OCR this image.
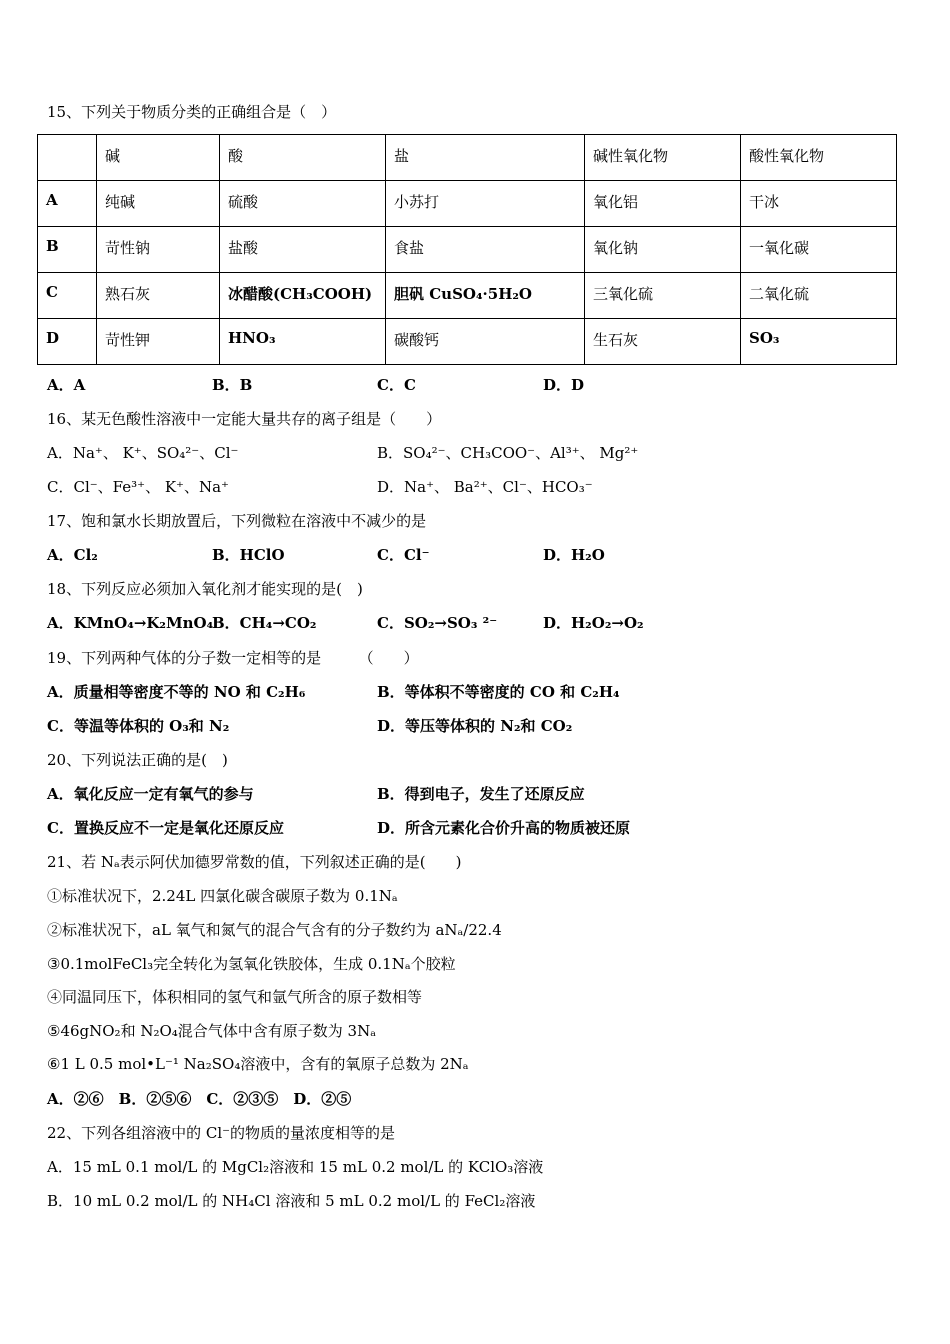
15、下列关于物质分类的正确组合是（　）
	碱	酸	盐	碱性氧化物	酸性氧化物
A	纯碱	硫酸	小苏打	氧化铝	干冰
B	苛性钠	盐酸	食盐	氧化钠	一氧化碳
C	熟石灰	冰醋酸(CH₃COOH)	胆矾 CuSO₄·5H₂O	三氧化硫	二氧化硫
D	苛性钾	HNO₃	碳酸钙	生石灰	SO₃
A．A	B．B	C．C	D．D
16、某无色酸性溶液中一定能大量共存的离子组是（　　）
A．Na⁺、 K⁺、SO₄²⁻、Cl⁻	B．SO₄²⁻、CH₃COO⁻、Al³⁺、 Mg²⁺
C．Cl⁻、Fe³⁺、 K⁺、Na⁺	D．Na⁺、 Ba²⁺、Cl⁻、HCO₃⁻
17、饱和氯水长期放置后，下列微粒在溶液中不减少的是
A．Cl₂	B．HClO	C．Cl⁻	D．H₂O
18、下列反应必须加入氧化剂才能实现的是(　)
A．KMnO₄→K₂MnO₄
B．CH₄→CO₂	C．SO₂→SO₃ ²⁻	D．H₂O₂→O₂
19、下列两种气体的分子数一定相等的是　　　（　　）
A．质量相等密度不等的 NO 和 C₂H₆	B．等体积不等密度的 CO 和 C₂H₄
C．等温等体积的 O₃和 N₂	D．等压等体积的 N₂和 CO₂
20、下列说法正确的是(　)
A．氧化反应一定有氧气的参与	B．得到电子，发生了还原反应
C．置换反应不一定是氧化还原反应	D．所含元素化合价升高的物质被还原
21、若 Nₐ表示阿伏加德罗常数的值，下列叙述正确的是(　　)
①标准状况下，2.24L 四氯化碳含碳原子数为 0.1Nₐ
②标准状况下，aL 氧气和氮气的混合气含有的分子数约为 aNₐ/22.4
③0.1molFeCl₃完全转化为氢氧化铁胶体，生成 0.1Nₐ个胶粒
④同温同压下，体积相同的氢气和氩气所含的原子数相等
⑤46gNO₂和 N₂O₄混合气体中含有原子数为 3Nₐ
⑥1 L 0.5 mol•L⁻¹ Na₂SO₄溶液中，含有的氧原子总数为 2Nₐ
A．②⑥　B．②⑤⑥　C．②③⑤　D．②⑤
22、下列各组溶液中的 Cl⁻的物质的量浓度相等的是
A．15 mL 0.1 mol/L 的 MgCl₂溶液和 15 mL 0.2 mol/L 的 KClO₃溶液
B．10 mL 0.2 mol/L 的 NH₄Cl 溶液和 5 mL 0.2 mol/L 的 FeCl₂溶液
